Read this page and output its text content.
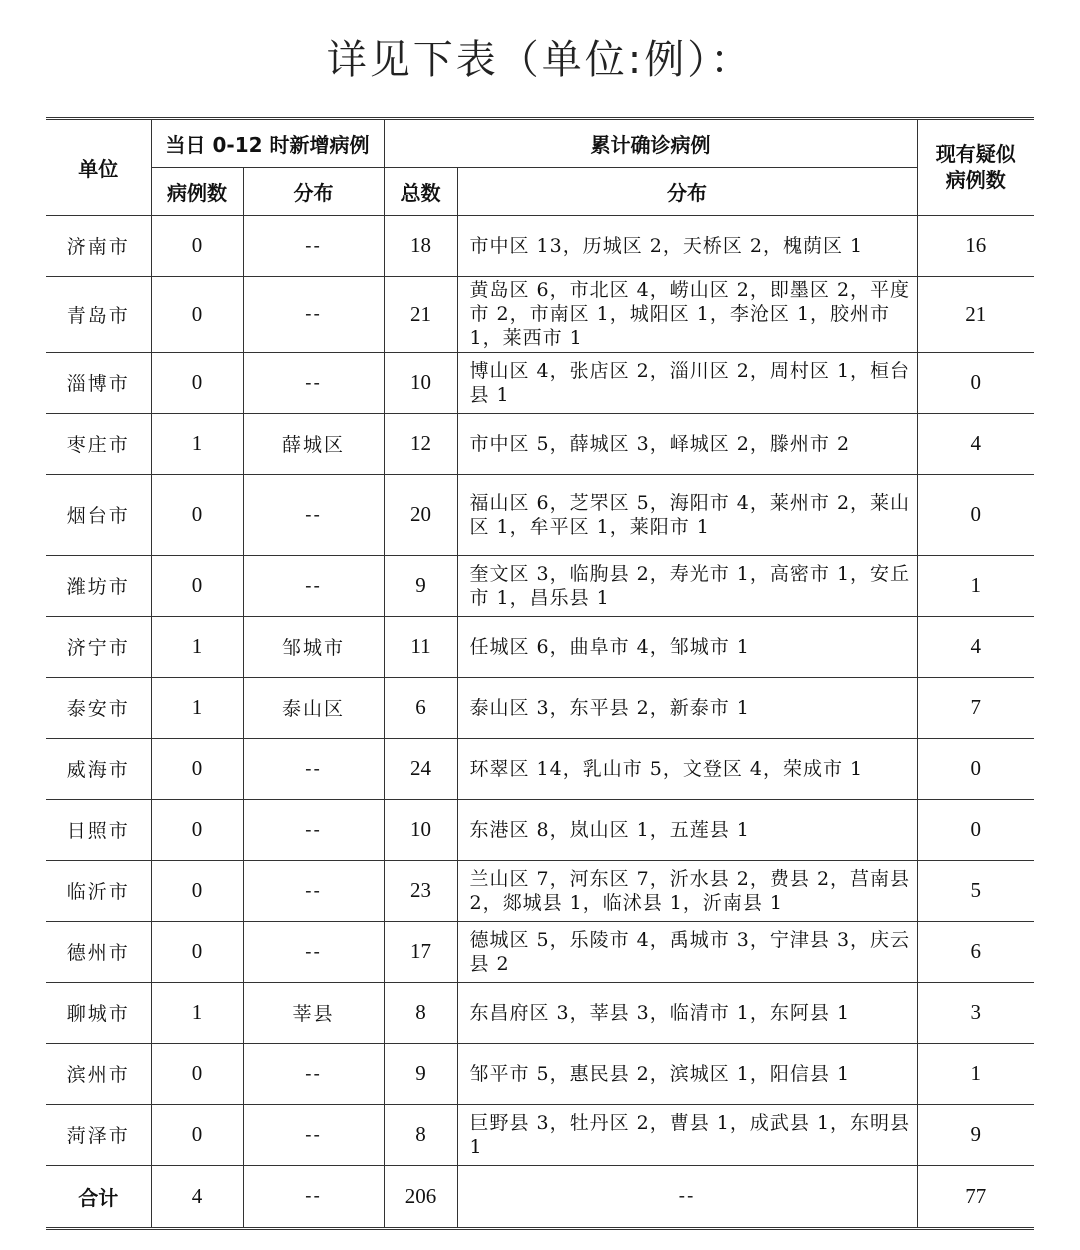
详见下表（单位:例）：
单位	当日 0-12 时新增病例		累计确诊病例		现有疑似病例数
	病例数	分布	总数	分布	
济南市	0	--	18	市中区 13，历城区 2，天桥区 2，槐荫区 1	16
青岛市	0	--	21	黄岛区 6，市北区 4，崂山区 2，即墨区 2，平度市 2，市南区 1，城阳区 1，李沧区 1，胶州市 1，莱西市 1	21
淄博市	0	--	10	博山区 4，张店区 2，淄川区 2，周村区 1，桓台县 1	0
枣庄市	1	薛城区	12	市中区 5，薛城区 3，峄城区 2，滕州市 2	4
烟台市	0	--	20	福山区 6，芝罘区 5，海阳市 4，莱州市 2，莱山区 1，牟平区 1，莱阳市 1	0
潍坊市	0	--	9	奎文区 3，临朐县 2，寿光市 1，高密市 1，安丘市 1，昌乐县 1	1
济宁市	1	邹城市	11	任城区 6，曲阜市 4，邹城市 1	4
泰安市	1	泰山区	6	泰山区 3，东平县 2，新泰市 1	7
威海市	0	--	24	环翠区 14，乳山市 5，文登区 4，荣成市 1	0
日照市	0	--	10	东港区 8，岚山区 1，五莲县 1	0
临沂市	0	--	23	兰山区 7，河东区 7，沂水县 2，费县 2，莒南县 2，郯城县 1，临沭县 1，沂南县 1	5
德州市	0	--	17	德城区 5，乐陵市 4，禹城市 3，宁津县 3，庆云县 2	6
聊城市	1	莘县	8	东昌府区 3，莘县 3，临清市 1，东阿县 1	3
滨州市	0	--	9	邹平市 5，惠民县 2，滨城区 1，阳信县 1	1
菏泽市	0	--	8	巨野县 3，牡丹区 2，曹县 1，成武县 1，东明县 1	9
合计	4	--	206	--	77
